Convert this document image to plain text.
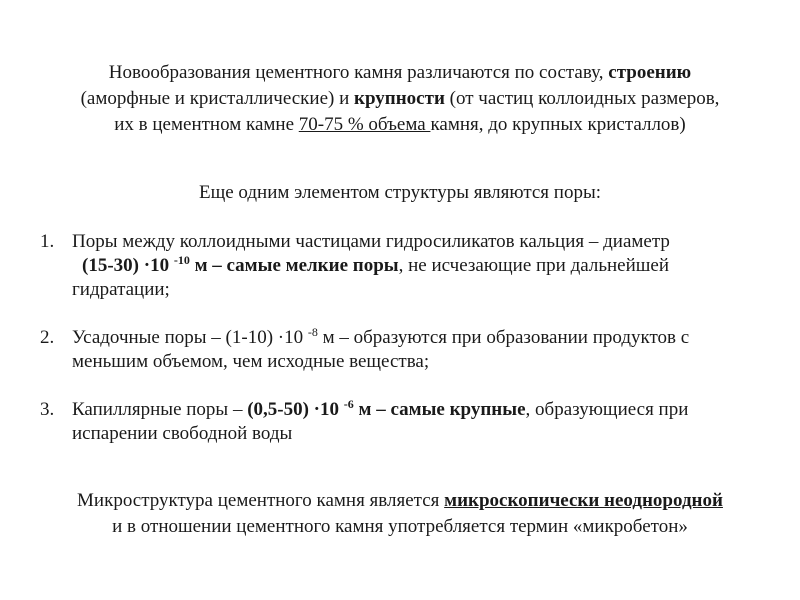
Новообразования цементного камня различаются по составу, строению
(аморфные и кристаллические) и крупности (от частиц коллоидных размеров,
их в цементном камне 70-75 % объема камня, до крупных кристаллов)
Еще одним элементом структуры являются поры:
1. Поры между коллоидными частицами гидросиликатов кальция – диаметр
(15-30) ·10 $^{-10}$ м – самые мелкие поры, не исчезающие при дальнейшей
гидратации;
2. Усадочные поры – (1-10) ·10 $^{-8}$ м – образуются при образовании продуктов с
меньшим объемом, чем исходные вещества;
3. Капиллярные поры – (0,5-50) ·10 $^{-6}$ м – самые крупные, образующиеся при
испарении свободной воды
Микроструктура цементного камня является микроскопически неоднородной
и в отношении цементного камня употребляется термин «микробетон»
